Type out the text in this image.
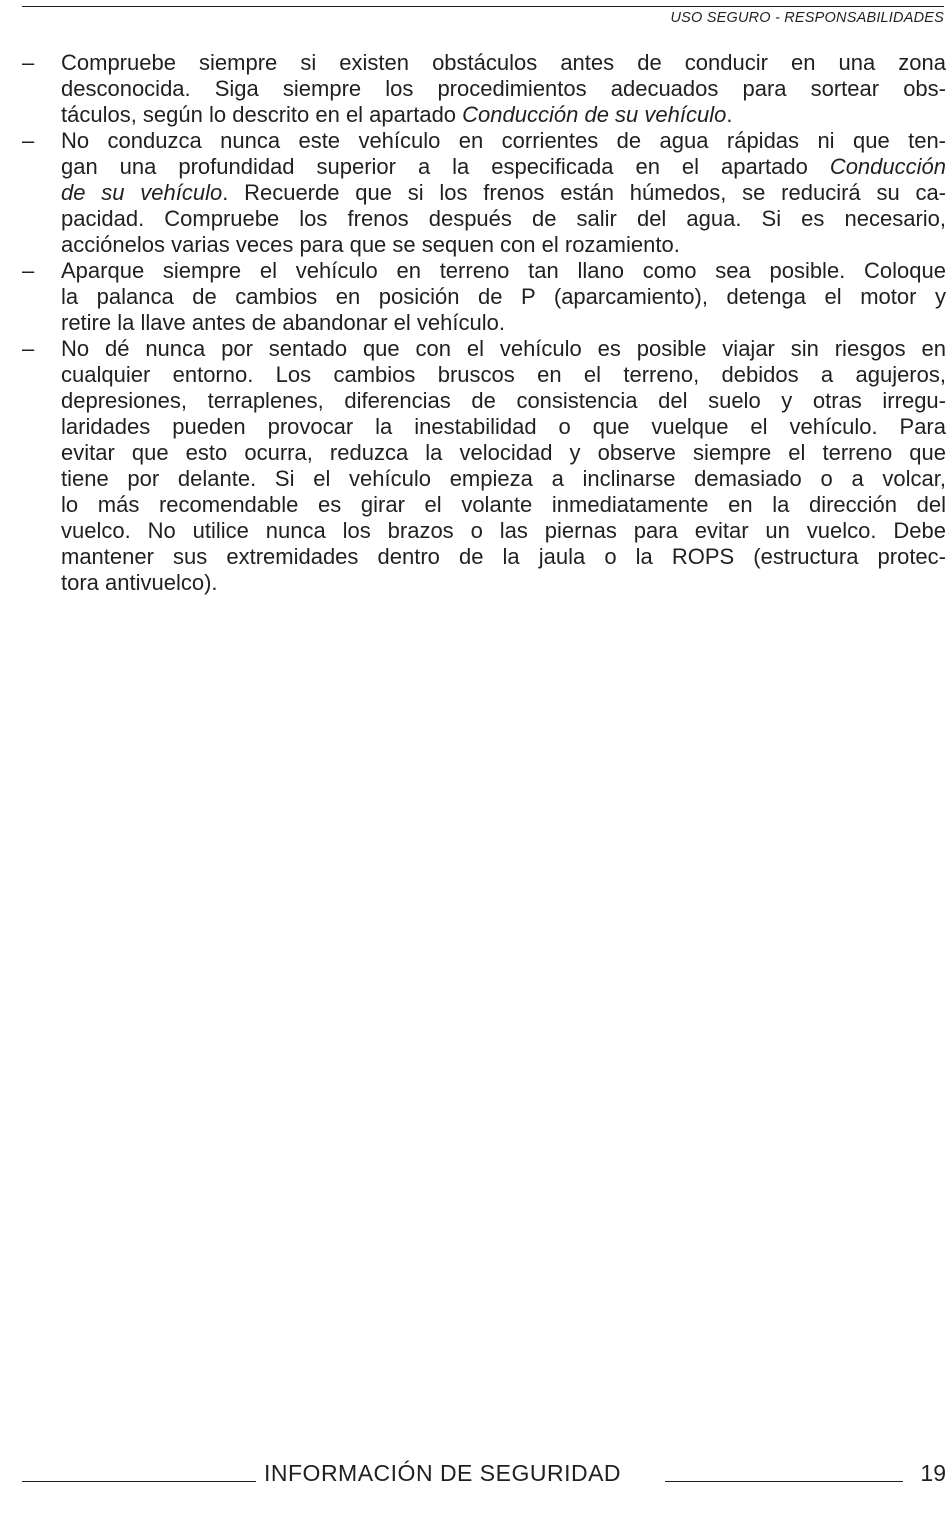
USO SEGURO - RESPONSABILIDADES
– Compruebe siempre si existen obstáculos antes de conducir en una zona
desconocida. Siga siempre los procedimientos adecuados para sortear obs-
táculos, según lo descrito en el apartado Conducción de su vehículo.
– No conduzca nunca este vehículo en corrientes de agua rápidas ni que ten-
gan una profundidad superior a la especificada en el apartado Conducción
de su vehículo. Recuerde que si los frenos están húmedos, se reducirá su ca-
pacidad. Compruebe los frenos después de salir del agua. Si es necesario,
acciónelos varias veces para que se sequen con el rozamiento.
– Aparque siempre el vehículo en terreno tan llano como sea posible. Coloque
la palanca de cambios en posición de P (aparcamiento), detenga el motor y
retire la llave antes de abandonar el vehículo.
– No dé nunca por sentado que con el vehículo es posible viajar sin riesgos en
cualquier entorno. Los cambios bruscos en el terreno, debidos a agujeros,
depresiones, terraplenes, diferencias de consistencia del suelo y otras irregu-
laridades pueden provocar la inestabilidad o que vuelque el vehículo. Para
evitar que esto ocurra, reduzca la velocidad y observe siempre el terreno que
tiene por delante. Si el vehículo empieza a inclinarse demasiado o a volcar,
lo más recomendable es girar el volante inmediatamente en la dirección del
vuelco. No utilice nunca los brazos o las piernas para evitar un vuelco. Debe
mantener sus extremidades dentro de la jaula o la ROPS (estructura protec-
tora antivuelco).
INFORMACIÓN DE SEGURIDAD	19
